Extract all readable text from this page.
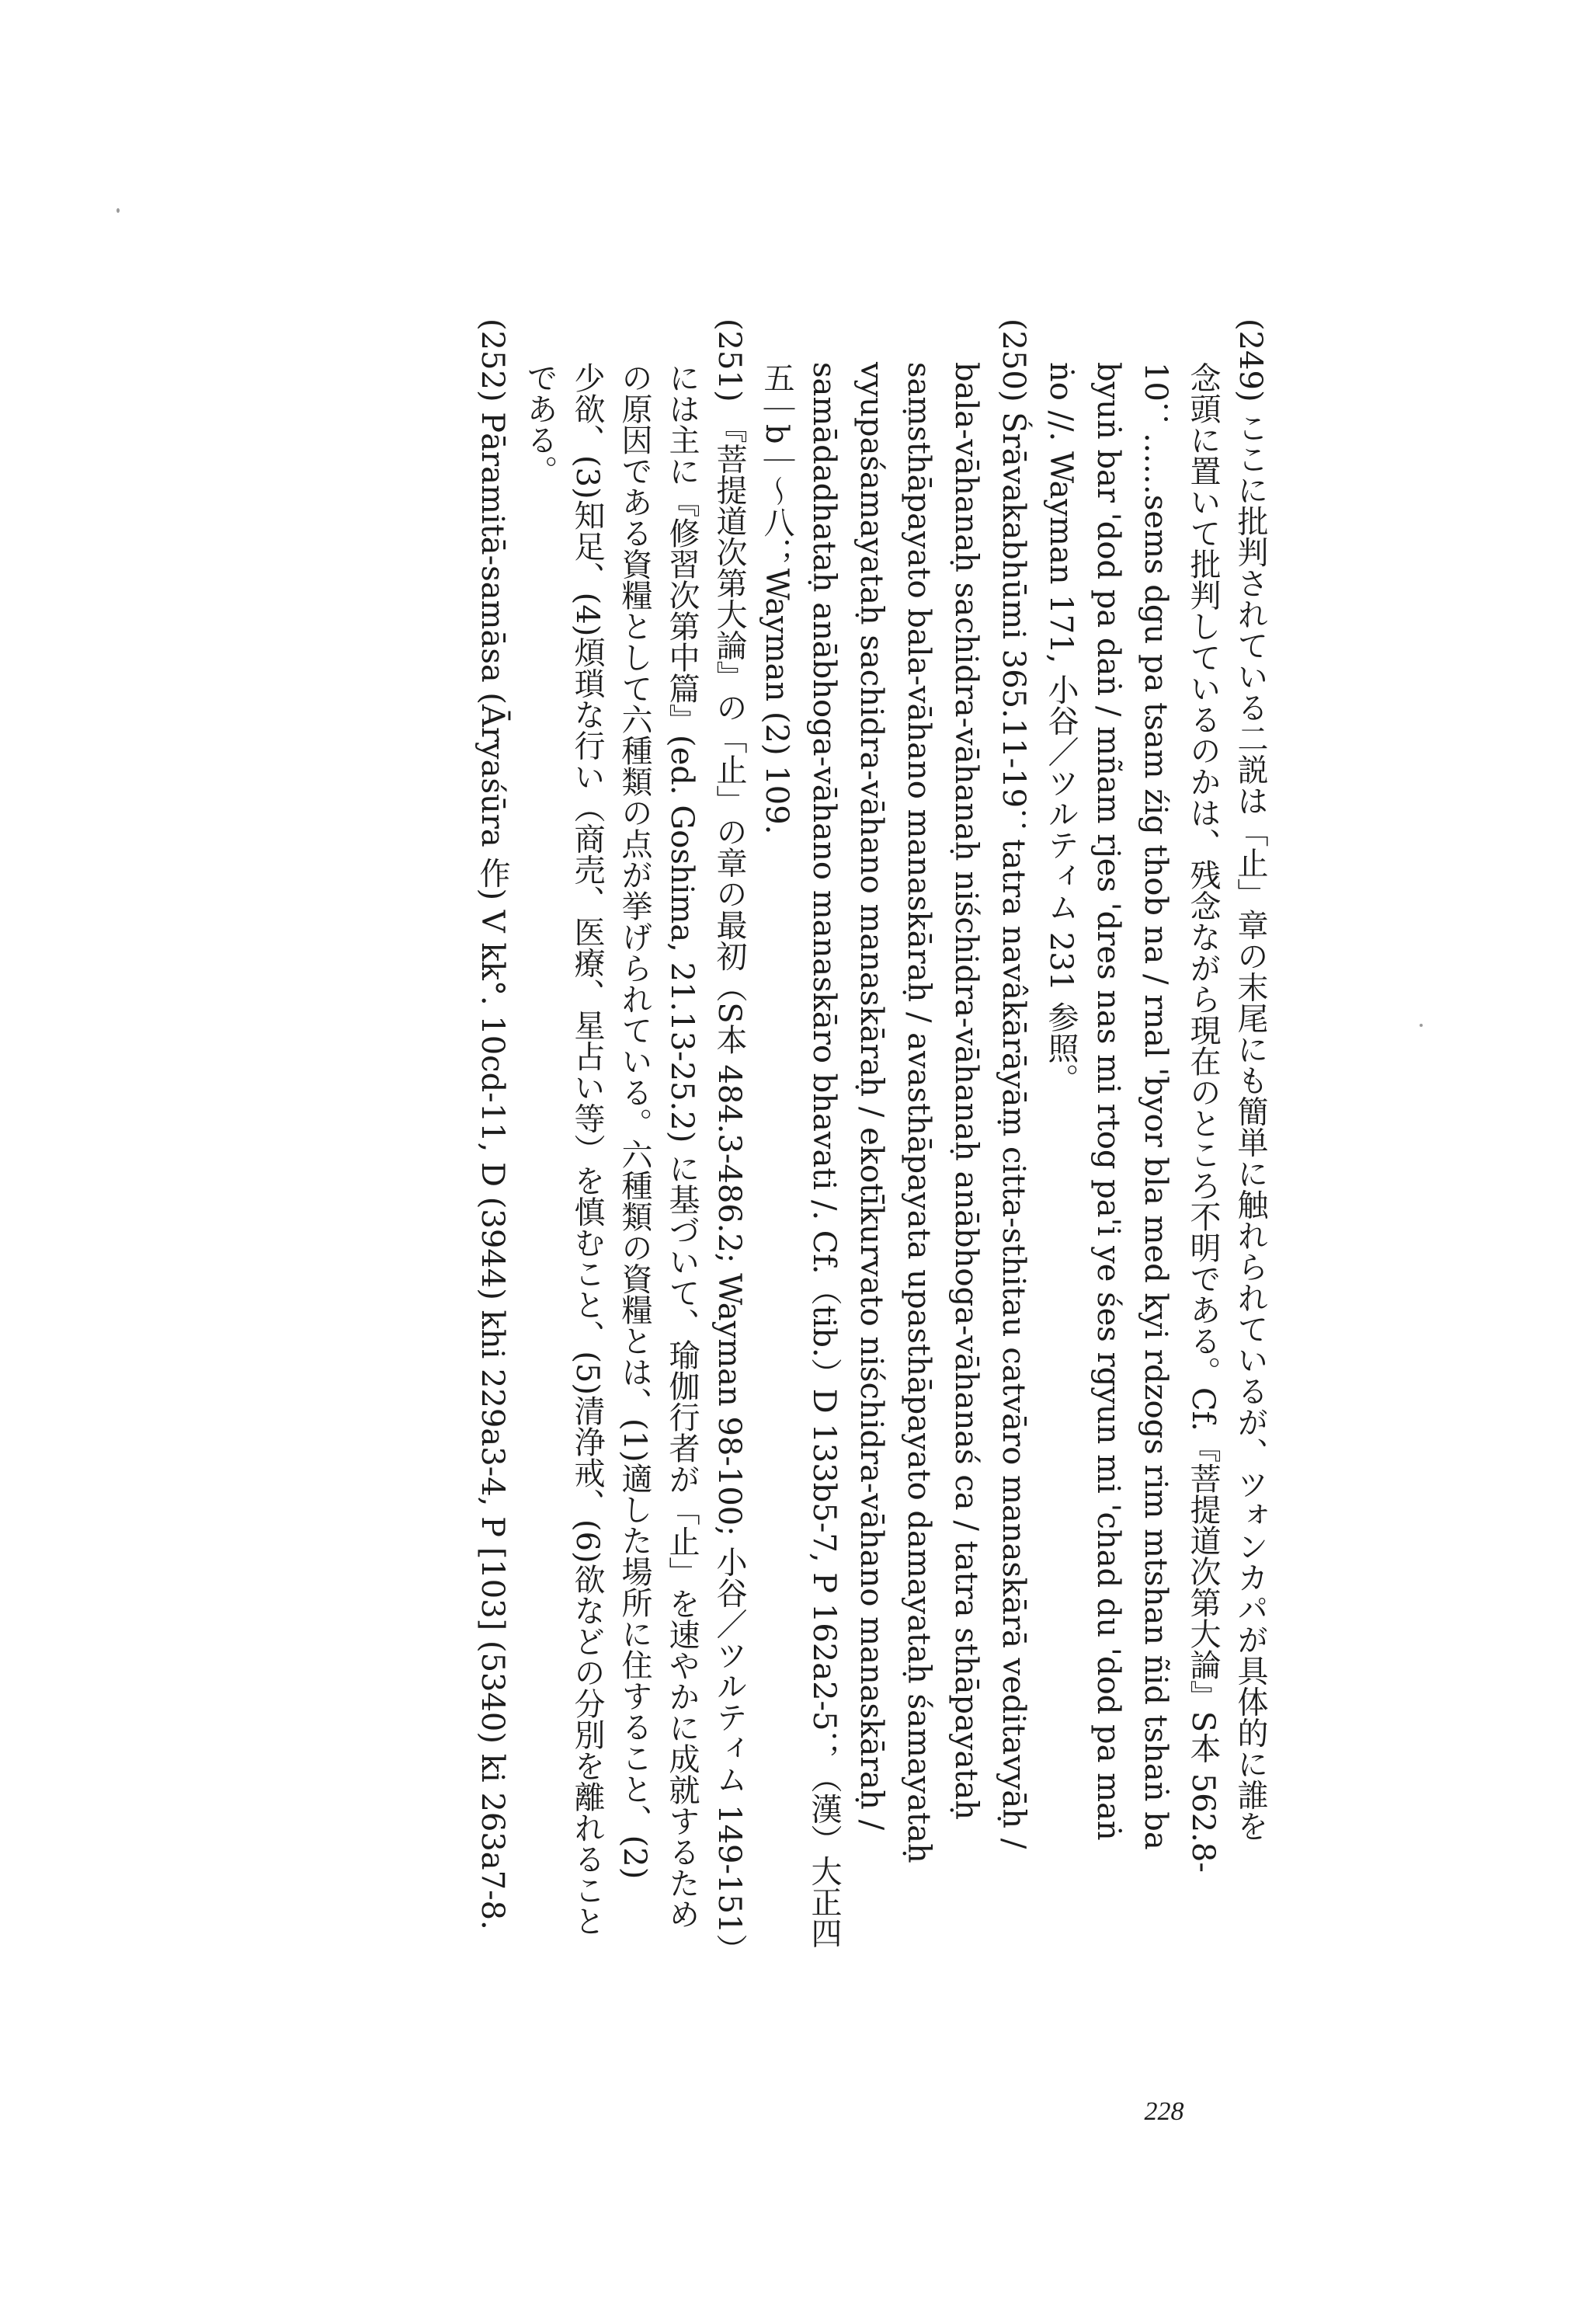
(249) ここに批判されている二説は「止」章の末尾にも簡単に触れられているが、ツォンカパが具体的に誰を
念頭に置いて批判しているのかは、残念ながら現在のところ不明である。Cf.『菩提道次第大論』S本 562.8-
10：……sems dgu pa tsam źig thob na / rnal 'byor bla med kyi rdzogs rim mtshan ñid tshaṅ ba
byuṅ bar 'dod pa daṅ / mñam rjes 'dres nas mi rtog pa'i ye śes rgyun mi 'chad du 'dod pa maṅ
ṅo //. Wayman 171, 小谷／ツルティム 231 参照。
(250) Śrāvakabhūmi 365.11-19：tatra navâkārāyāṃ citta-sthitau catvāro manaskārā veditavyāḥ /
bala-vāhanaḥ sachidra-vāhanaḥ niśchidra-vāhanaḥ anābhoga-vāhanaś ca / tatra sthāpayataḥ
saṃsthāpayato bala-vāhano manaskāraḥ / avasthāpayata upasthāpayato damayataḥ śamayataḥ
vyupaśamayataḥ sachidra-vāhano manaskāraḥ / ekotīkurvato niśchidra-vāhano manaskāraḥ /
samādadhataḥ anābhoga-vāhano manaskāro bhavati /. Cf.（tib.）D 133b5-7, P 162a2-5；（漢）大正四
五｜b｜～八；Wayman (2) 109.
(251) 『菩提道次第大論』の「止」の章の最初（S本 484.3-486.2; Wayman 98-100; 小谷／ツルティム 149-151）
には主に『修習次第中篇』(ed. Goshima, 21.13-25.2) に基づいて、瑜伽行者が「止」を速やかに成就するため
の原因である資糧として六種類の点が挙げられている。六種類の資糧とは、(1)適した場所に住すること、(2)
少欲、(3)知足、(4)煩瑣な行い（商売、医療、星占い等）を慎むこと、(5)清浄戒、(6)欲などの分別を離れること
である。
(252) Pāramitā-samāsa (Āryaśūra 作) V kk°. 10cd-11, D (3944) khi 229a3-4, P [103] (5340) ki 263a7-8.
228
